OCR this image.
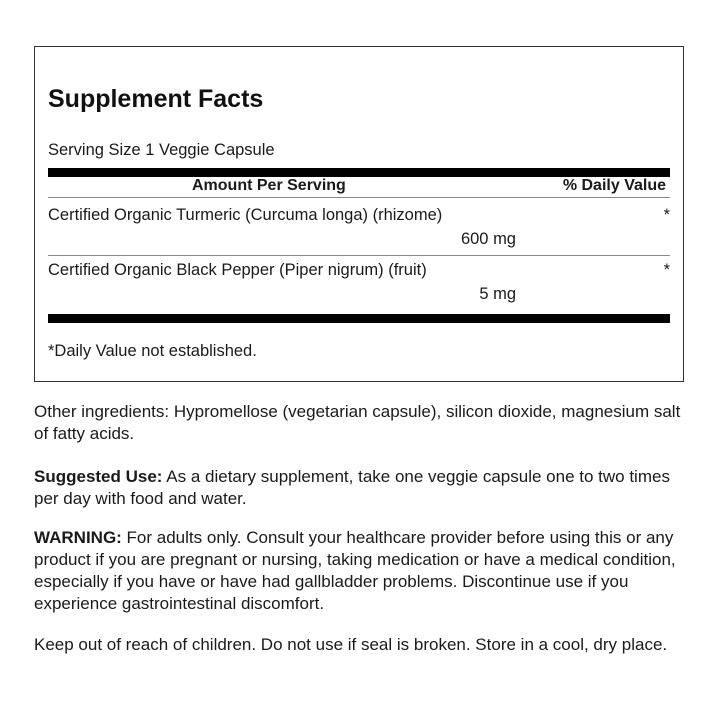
Supplement Facts
Serving Size 1 Veggie Capsule
Amount Per Serving	% Daily Value
Certified Organic Turmeric (Curcuma longa) (rhizome)
600 mg
*
Certified Organic Black Pepper (Piper nigrum) (fruit)
5 mg
*
*Daily Value not established.

Other ingredients: Hypromellose (vegetarian capsule), silicon dioxide, magnesium salt of fatty acids.

Suggested Use: As a dietary supplement, take one veggie capsule one to two times per day with food and water.

WARNING: For adults only. Consult your healthcare provider before using this or any product if you are pregnant or nursing, taking medication or have a medical condition, especially if you have or have had gallbladder problems. Discontinue use if you experience gastrointestinal discomfort.

Keep out of reach of children. Do not use if seal is broken. Store in a cool, dry place.
